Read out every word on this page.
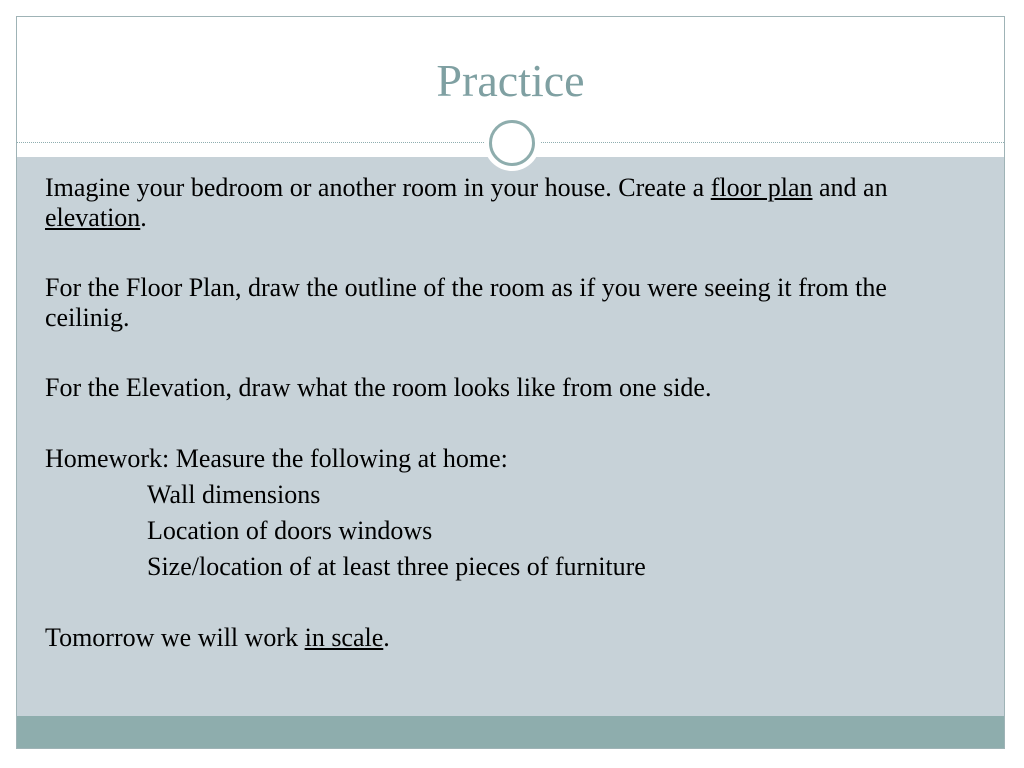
Practice

Imagine your bedroom or another room in your house. Create a floor plan and an elevation.

For the Floor Plan, draw the outline of the room as if you were seeing it from the ceilinig.

For the Elevation, draw what the room looks like from one side.

Homework: Measure the following at home:

Wall dimensions

Location of doors windows

Size/location of at least three pieces of furniture

Tomorrow we will work in scale.
